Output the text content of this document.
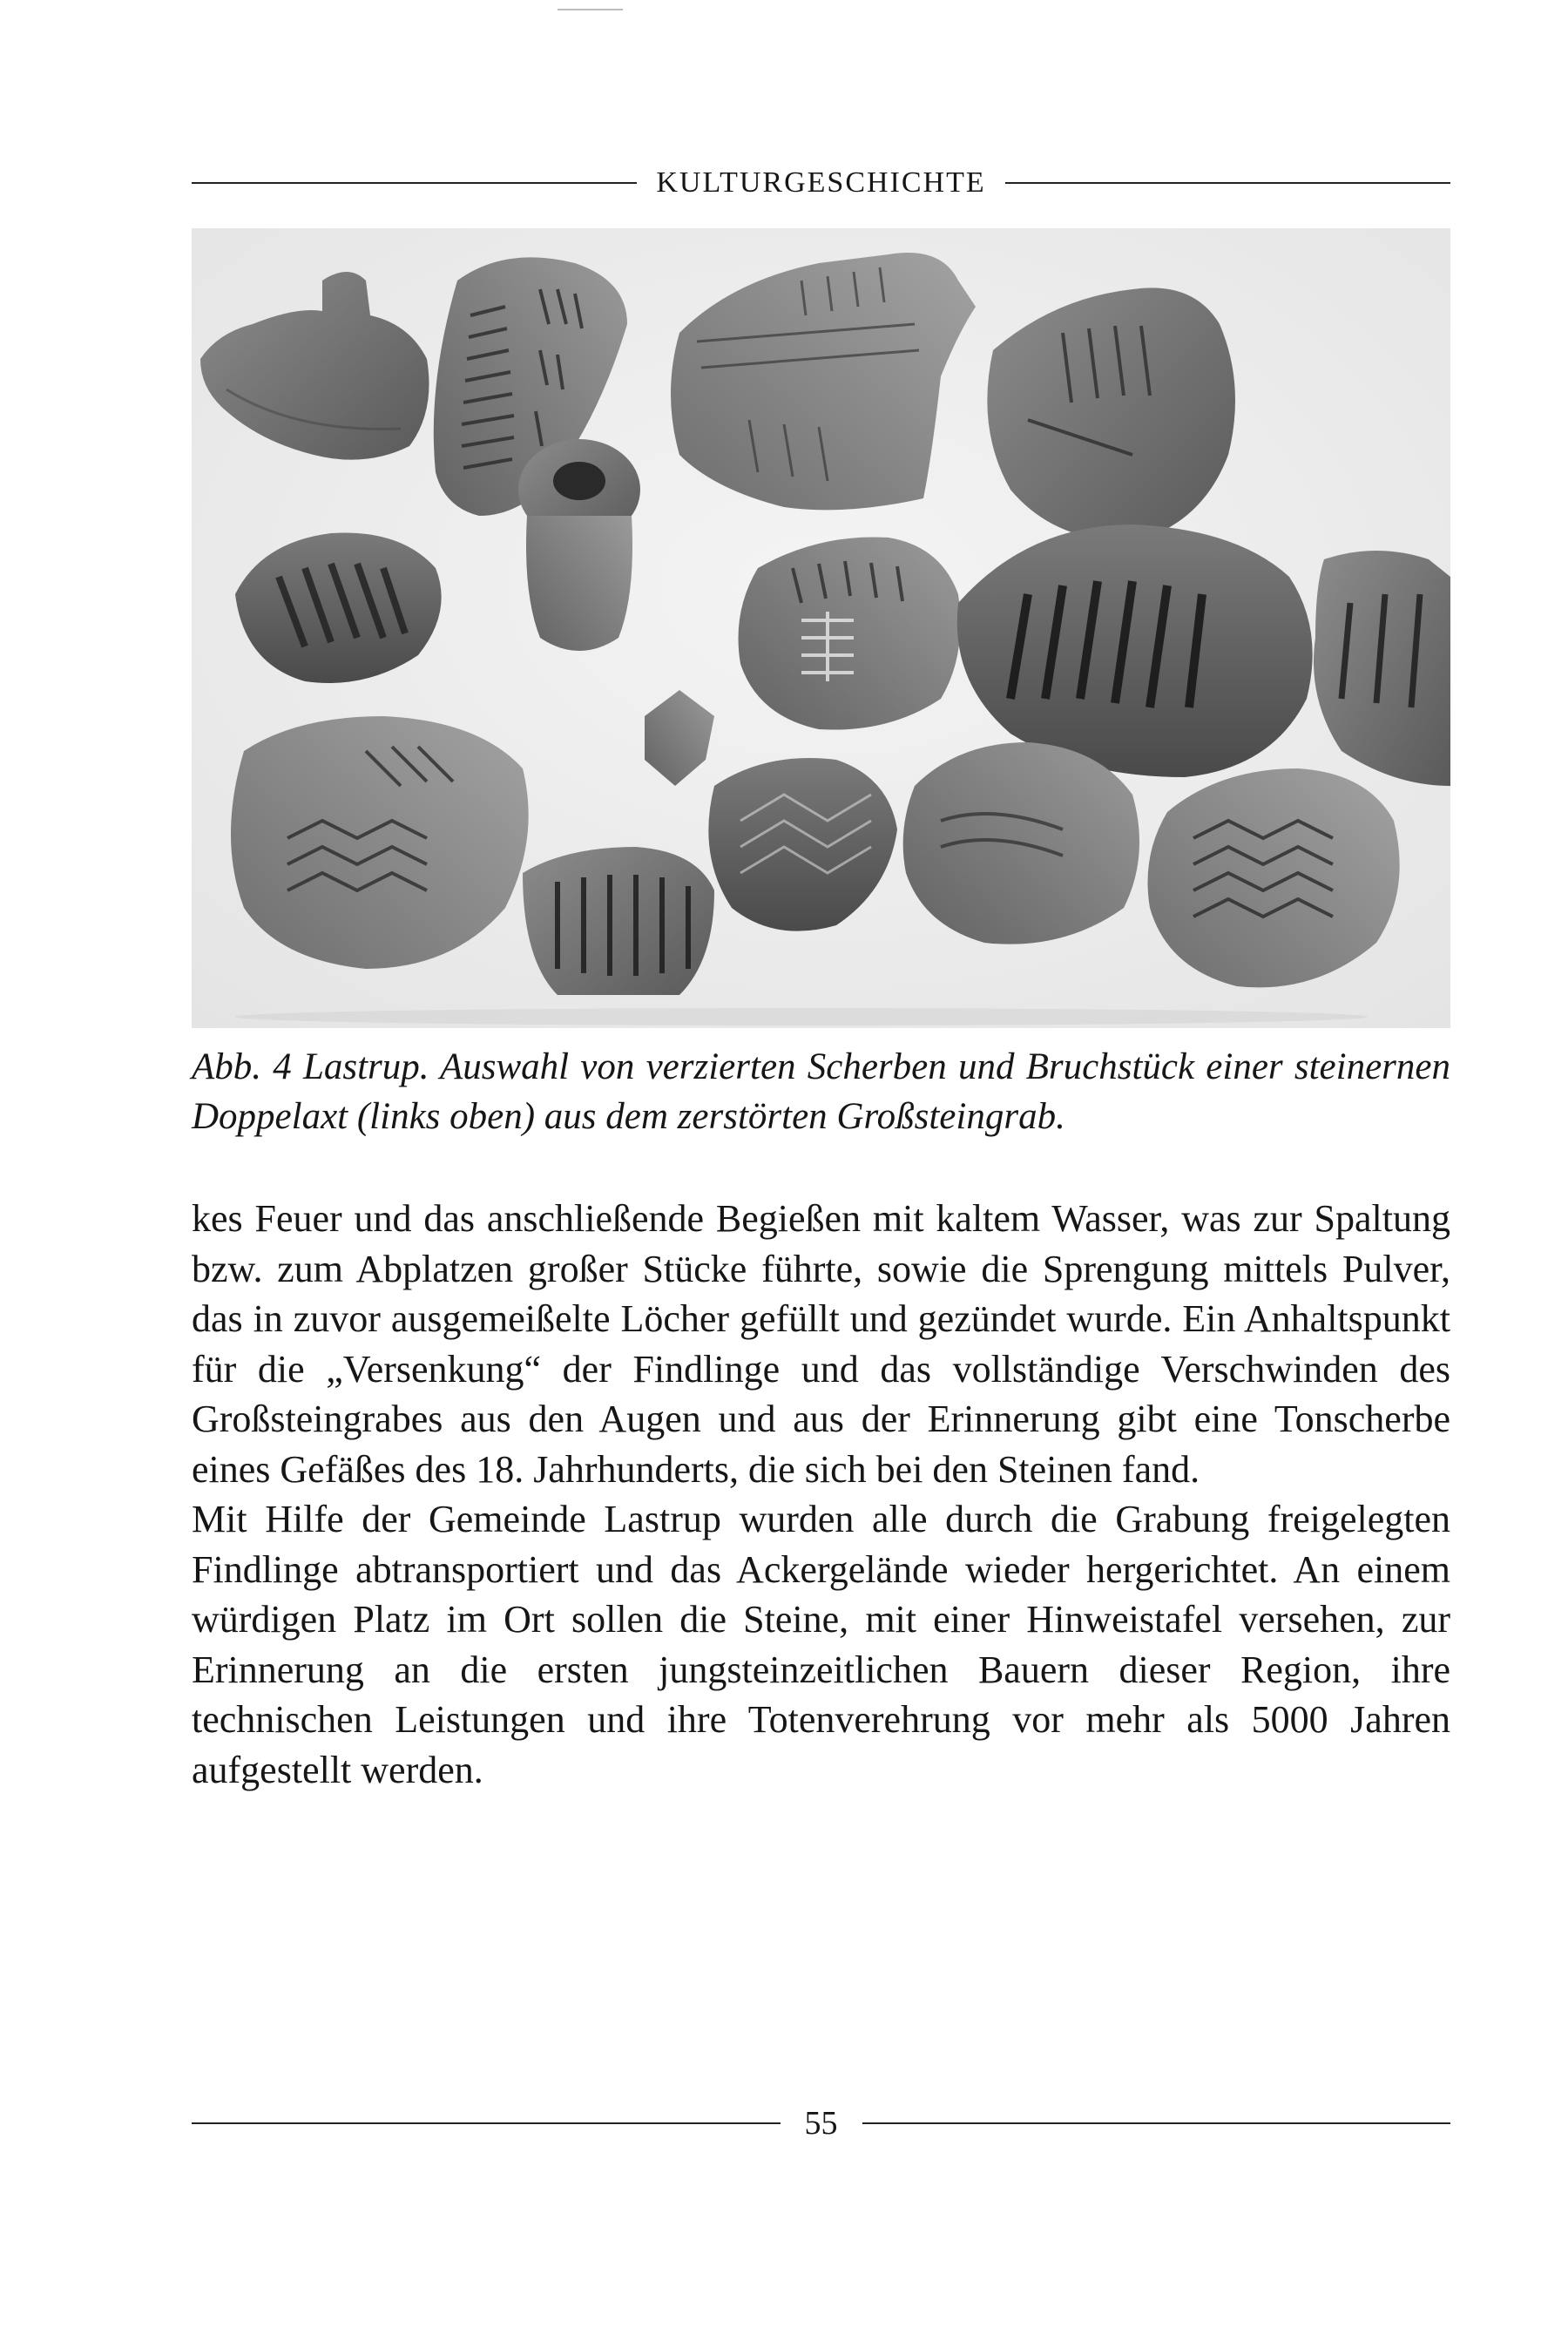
KULTURGESCHICHTE

Abb. 4 Lastrup. Auswahl von verzierten Scherben und Bruchstück einer steinernen Doppelaxt (links oben) aus dem zerstörten Großsteingrab.

kes Feuer und das anschließende Begießen mit kaltem Wasser, was zur Spaltung bzw. zum Abplatzen großer Stücke führte, sowie die Sprengung mittels Pulver, das in zuvor ausgemeißelte Löcher gefüllt und gezündet wurde. Ein Anhaltspunkt für die „Versenkung“ der Findlinge und das vollständige Verschwinden des Großsteingrabes aus den Augen und aus der Erinnerung gibt eine Tonscherbe eines Gefäßes des 18. Jahrhunderts, die sich bei den Steinen fand.

Mit Hilfe der Gemeinde Lastrup wurden alle durch die Grabung freigelegten Findlinge abtransportiert und das Ackergelände wieder hergerichtet. An einem würdigen Platz im Ort sollen die Steine, mit einer Hinweistafel versehen, zur Erinnerung an die ersten jungsteinzeitlichen Bauern dieser Region, ihre technischen Leistungen und ihre Totenverehrung vor mehr als 5000 Jahren aufgestellt werden.

55
